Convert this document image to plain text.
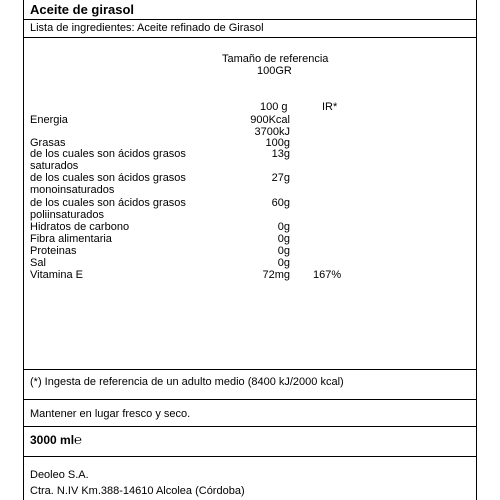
Aceite de girasol
Lista de ingredientes: Aceite refinado de Girasol
Tamaño de referencia
100GR
100 g	IR*
Energia	900Kcal
3700kJ
Grasas	100g
de los cuales son ácidos grasos	13g
saturados
de los cuales son ácidos grasos	27g
monoinsaturados
de los cuales son ácidos grasos	60g
poliinsaturados
Hidratos de carbono	0g
Fibra alimentaria	0g
Proteinas	0g
Sal	0g
Vitamina E	72mg 167%
(*) Ingesta de referencia de un adulto medio (8400 kJ/2000 kcal)
Mantener en lugar fresco y seco.
3000 ml℮
Deoleo S.A.
Ctra. N.IV Km.388-14610 Alcolea (Córdoba)
